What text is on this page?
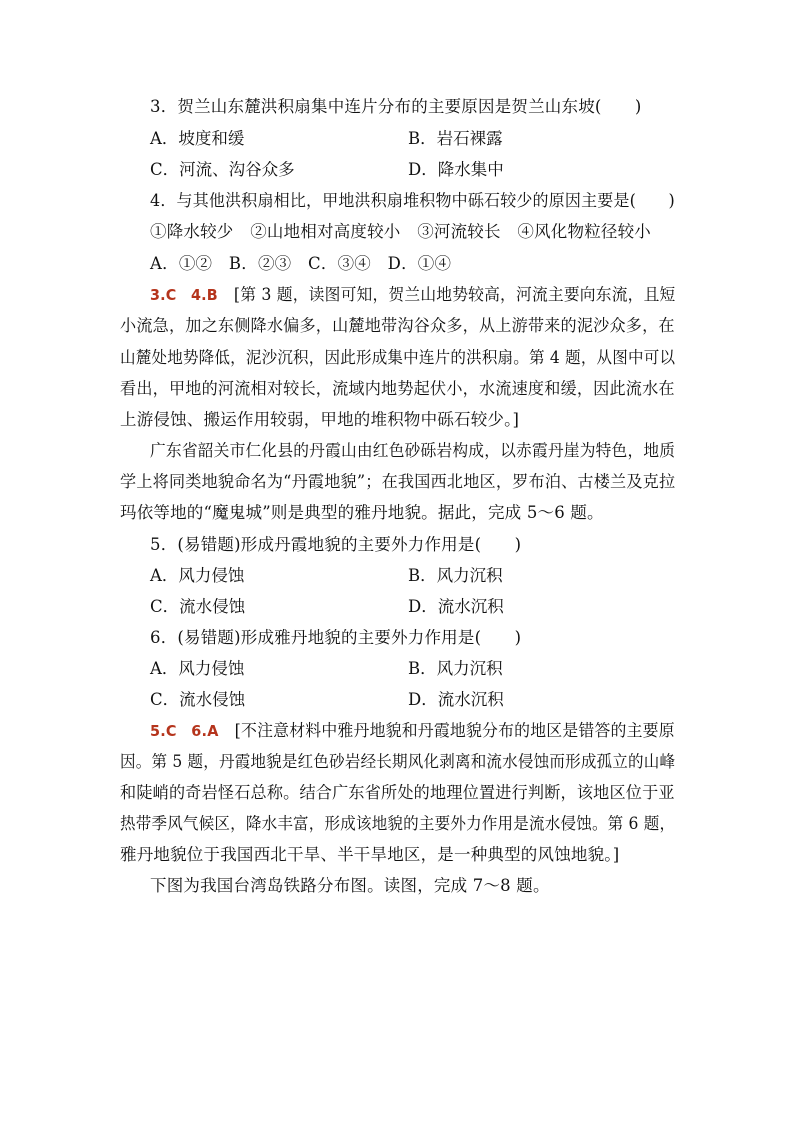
3．贺兰山东麓洪积扇集中连片分布的主要原因是贺兰山东坡(　　)
A．坡度和缓	B．岩石裸露
C．河流、沟谷众多	D．降水集中
4．与其他洪积扇相比，甲地洪积扇堆积物中砾石较少的原因主要是(　　)
①降水较少　②山地相对高度较小　③河流较长　④风化物粒径较小
A．①②　B．②③　C．③④　D．①④
3.C　4.B　 [第 3 题，读图可知，贺兰山地势较高，河流主要向东流，且短
小流急，加之东侧降水偏多，山麓地带沟谷众多，从上游带来的泥沙众多，在
山麓处地势降低，泥沙沉积，因此形成集中连片的洪积扇。第 4 题，从图中可以
看出，甲地的河流相对较长，流域内地势起伏小，水流速度和缓，因此流水在
上游侵蚀、搬运作用较弱，甲地的堆积物中砾石较少。]
广东省韶关市仁化县的丹霞山由红色砂砾岩构成，以赤霞丹崖为特色，地质
学上将同类地貌命名为“丹霞地貌”；在我国西北地区，罗布泊、古楼兰及克拉
玛依等地的“魔鬼城”则是典型的雅丹地貌。据此，完成 5～6 题。
5．(易错题)形成丹霞地貌的主要外力作用是(　　)
A．风力侵蚀	B．风力沉积
C．流水侵蚀	D．流水沉积
6．(易错题)形成雅丹地貌的主要外力作用是(　　)
A．风力侵蚀	B．风力沉积
C．流水侵蚀	D．流水沉积
5.C　6.A　 [不注意材料中雅丹地貌和丹霞地貌分布的地区是错答的主要原
因。第 5 题，丹霞地貌是红色砂岩经长期风化剥离和流水侵蚀而形成孤立的山峰
和陡峭的奇岩怪石总称。结合广东省所处的地理位置进行判断，该地区位于亚
热带季风气候区，降水丰富，形成该地貌的主要外力作用是流水侵蚀。第 6 题，
雅丹地貌位于我国西北干旱、半干旱地区，是一种典型的风蚀地貌。]
下图为我国台湾岛铁路分布图。读图，完成 7～8 题。
